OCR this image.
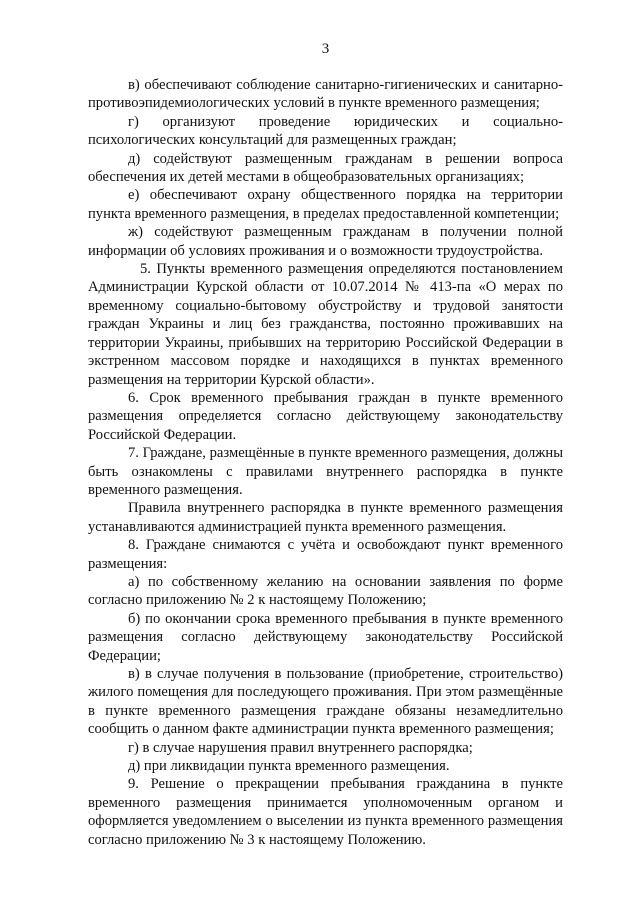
3

в) обеспечивают соблюдение санитарно-гигиенических и санитарно-противоэпидемиологических условий в пункте временного размещения;

г) организуют проведение юридических и социально-психологических консультаций для размещенных граждан;

д) содействуют размещенным гражданам в решении вопроса обеспечения их детей местами в общеобразовательных организациях;

е) обеспечивают охрану общественного порядка на территории пункта временного размещения, в пределах предоставленной компетенции;

ж) содействуют размещенным гражданам в получении полной информации об условиях проживания и о возможности трудоустройства.

5. Пункты временного размещения определяются постановлением Администрации Курской области от 10.07.2014 № 413-па «О мерах по временному социально-бытовому обустройству и трудовой занятости граждан Украины и лиц без гражданства, постоянно проживавших на территории Украины, прибывших на территорию Российской Федерации в экстренном массовом порядке и находящихся в пунктах временного размещения на территории Курской области».

6. Срок временного пребывания граждан в пункте временного размещения определяется согласно действующему законодательству Российской Федерации.

7. Граждане, размещённые в пункте временного размещения, должны быть ознакомлены с правилами внутреннего распорядка в пункте временного размещения.

Правила внутреннего распорядка в пункте временного размещения устанавливаются администрацией пункта временного размещения.

8. Граждане снимаются с учёта и освобождают пункт временного размещения:

а) по собственному желанию на основании заявления по форме согласно приложению № 2 к настоящему Положению;

б) по окончании срока временного пребывания в пункте временного размещения согласно действующему законодательству Российской Федерации;

в) в случае получения в пользование (приобретение, строительство) жилого помещения для последующего проживания. При этом размещённые в пункте временного размещения граждане обязаны незамедлительно сообщить о данном факте администрации пункта временного размещения;

г) в случае нарушения правил внутреннего распорядка;

д) при ликвидации пункта временного размещения.

9. Решение о прекращении пребывания гражданина в пункте временного размещения принимается уполномоченным органом и оформляется уведомлением о выселении из пункта временного размещения согласно приложению № 3 к настоящему Положению.
